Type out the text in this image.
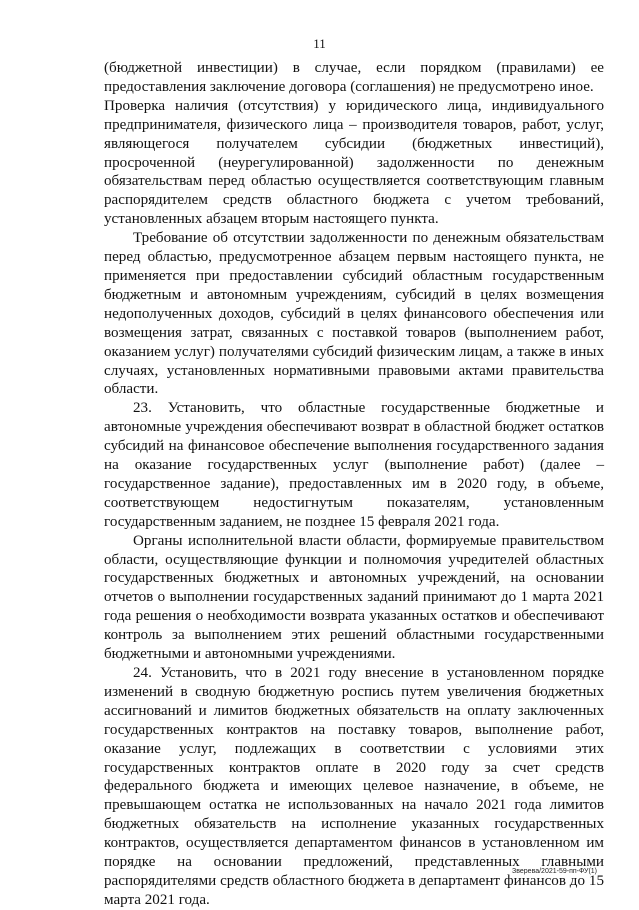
11

(бюджетной инвестиции) в случае, если порядком (правилами) ее предоставления заключение договора (соглашения) не предусмотрено иное.

Проверка наличия (отсутствия) у юридического лица, индивидуального предпринимателя, физического лица – производителя товаров, работ, услуг, являющегося получателем субсидии (бюджетных инвестиций), просроченной (неурегулированной) задолженности по денежным обязательствам перед областью осуществляется соответствующим главным распорядителем средств областного бюджета с учетом требований, установленных абзацем вторым настоящего пункта.

Требование об отсутствии задолженности по денежным обязательствам перед областью, предусмотренное абзацем первым настоящего пункта, не применяется при предоставлении субсидий областным государственным бюджетным и автономным учреждениям, субсидий в целях возмещения недополученных доходов, субсидий в целях финансового обеспечения или возмещения затрат, связанных с поставкой товаров (выполнением работ, оказанием услуг) получателями субсидий физическим лицам, а также в иных случаях, установленных нормативными правовыми актами правительства области.

23. Установить, что областные государственные бюджетные и автономные учреждения обеспечивают возврат в областной бюджет остатков субсидий на финансовое обеспечение выполнения государственного задания на оказание государственных услуг (выполнение работ) (далее – государственное задание), предоставленных им в 2020 году, в объеме, соответствующем недостигнутым показателям, установленным государственным заданием, не позднее 15 февраля 2021 года.

Органы исполнительной власти области, формируемые правительством области, осуществляющие функции и полномочия учредителей областных государственных бюджетных и автономных учреждений, на основании отчетов о выполнении государственных заданий принимают до 1 марта 2021 года решения о необходимости возврата указанных остатков и обеспечивают контроль за выполнением этих решений областными государственными бюджетными и автономными учреждениями.

24. Установить, что в 2021 году внесение в установленном порядке изменений в сводную бюджетную роспись путем увеличения бюджетных ассигнований и лимитов бюджетных обязательств на оплату заключенных государственных контрактов на поставку товаров, выполнение работ, оказание услуг, подлежащих в соответствии с условиями этих государственных контрактов оплате в 2020 году за счет средств федерального бюджета и имеющих целевое назначение, в объеме, не превышающем остатка не использованных на начало 2021 года лимитов бюджетных обязательств на исполнение указанных государственных контрактов, осуществляется департаментом финансов в установленном им порядке на основании предложений, представленных главными распорядителями средств областного бюджета в департамент финансов до 15 марта 2021 года.

Зверева/2021-59-пп-ФУ(1)
